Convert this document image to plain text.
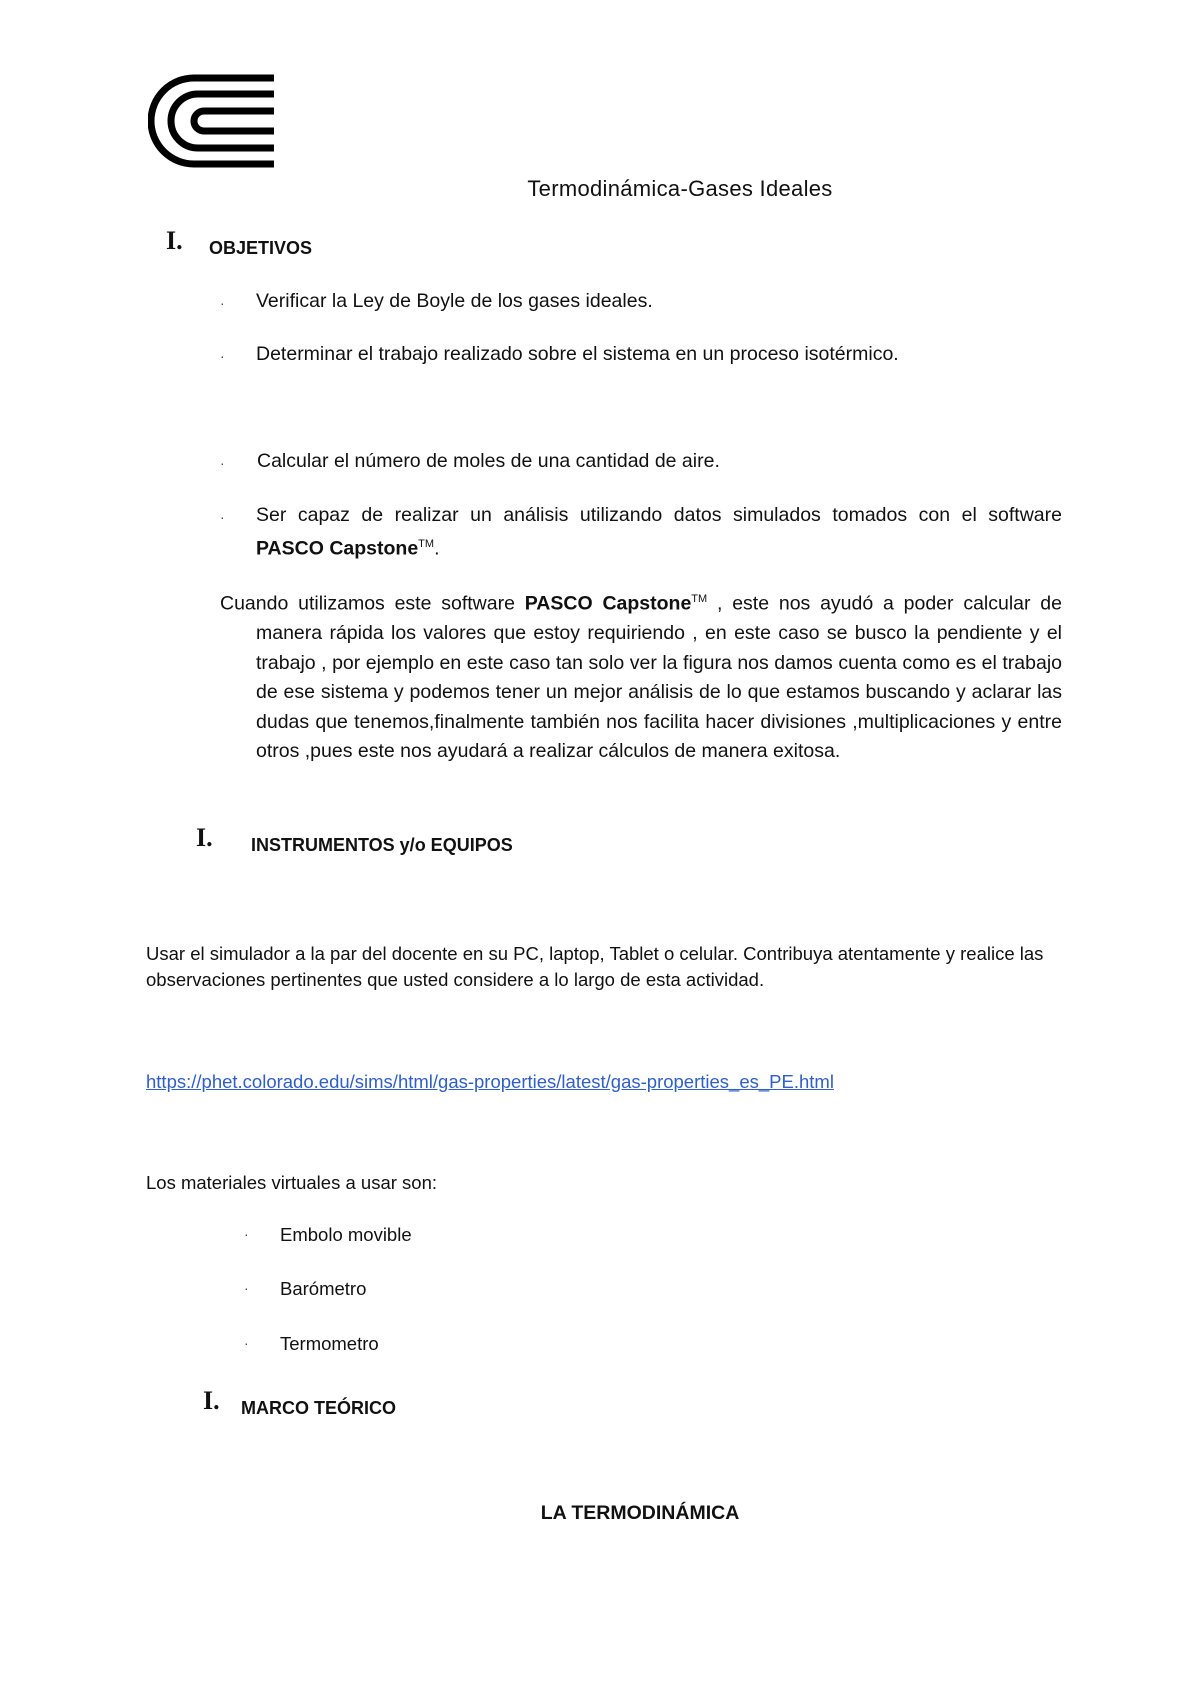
Termodinámica-Gases Ideales
I. OBJETIVOS
· Verificar la Ley de Boyle de los gases ideales.
· Determinar el trabajo realizado sobre el sistema en un proceso isotérmico.
· Calcular el número de moles de una cantidad de aire.
· Ser capaz de realizar un análisis utilizando datos simulados tomados con el software PASCO Capstone™.
Cuando utilizamos este software PASCO Capstone™ , este nos ayudó a poder calcular de manera rápida los valores que estoy requiriendo , en este caso se busco la pendiente y el trabajo , por ejemplo en este caso tan solo ver la figura nos damos cuenta como es el trabajo de ese sistema y podemos tener un mejor análisis de lo que estamos buscando y aclarar las dudas que tenemos,finalmente también nos facilita hacer divisiones ,multiplicaciones y entre otros ,pues este nos ayudará a realizar cálculos de manera exitosa.
I. INSTRUMENTOS y/o EQUIPOS
Usar el simulador a la par del docente en su PC, laptop, Tablet o celular. Contribuya atentamente y realice las observaciones pertinentes que usted considere a lo largo de esta actividad.
https://phet.colorado.edu/sims/html/gas-properties/latest/gas-properties_es_PE.html
Los materiales virtuales a usar son:
· Embolo movible
· Barómetro
· Termometro
I. MARCO TEÓRICO
LA TERMODINÁMICA
